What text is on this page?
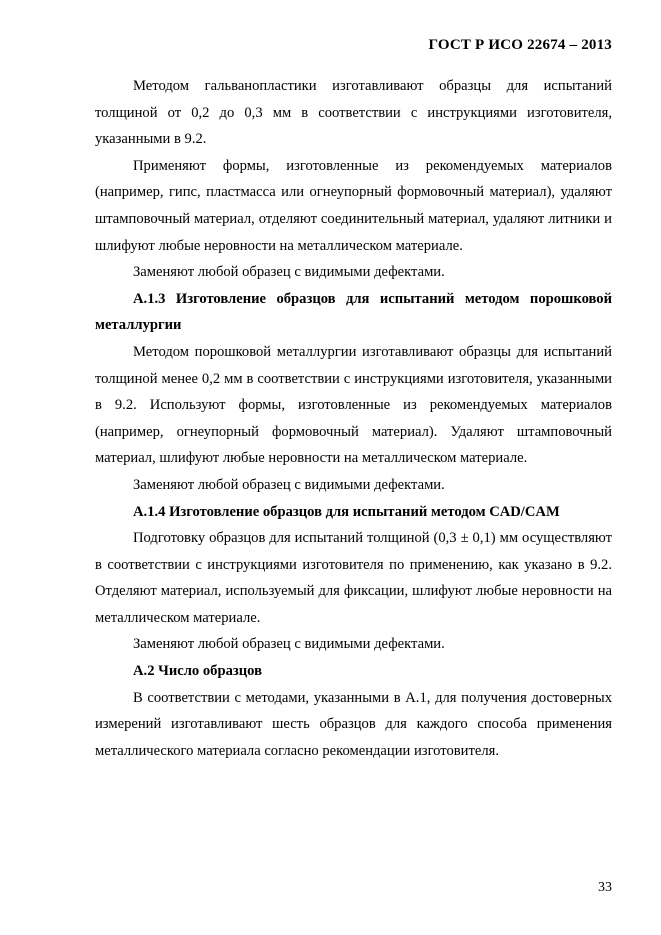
ГОСТ Р ИСО 22674 – 2013

Методом гальванопластики изготавливают образцы для испытаний толщиной от 0,2 до 0,3 мм в соответствии с инструкциями изготовителя, указанными в 9.2.

Применяют формы, изготовленные из рекомендуемых материалов (например, гипс, пластмасса или огнеупорный формовочный материал), удаляют штамповочный материал, отделяют соединительный материал, удаляют литники и шлифуют любые неровности на металлическом материале.

Заменяют любой образец с видимыми дефектами.

А.1.3 Изготовление образцов для испытаний методом порошковой металлургии

Методом порошковой металлургии изготавливают образцы для испытаний толщиной менее 0,2 мм в соответствии с инструкциями изготовителя, указанными в 9.2. Используют формы, изготовленные из рекомендуемых материалов (например, огнеупорный формовочный материал). Удаляют штамповочный материал, шлифуют любые неровности на металлическом материале.

Заменяют любой образец с видимыми дефектами.

А.1.4 Изготовление образцов для испытаний методом CAD/CAM

Подготовку образцов для испытаний толщиной (0,3 ± 0,1) мм осуществляют в соответствии с инструкциями изготовителя по применению, как указано в 9.2. Отделяют материал, используемый для фиксации, шлифуют любые неровности на металлическом материале.

Заменяют любой образец с видимыми дефектами.

А.2 Число образцов

В соответствии с методами, указанными в А.1, для получения достоверных измерений изготавливают шесть образцов для каждого способа применения металлического материала согласно рекомендации изготовителя.

33
